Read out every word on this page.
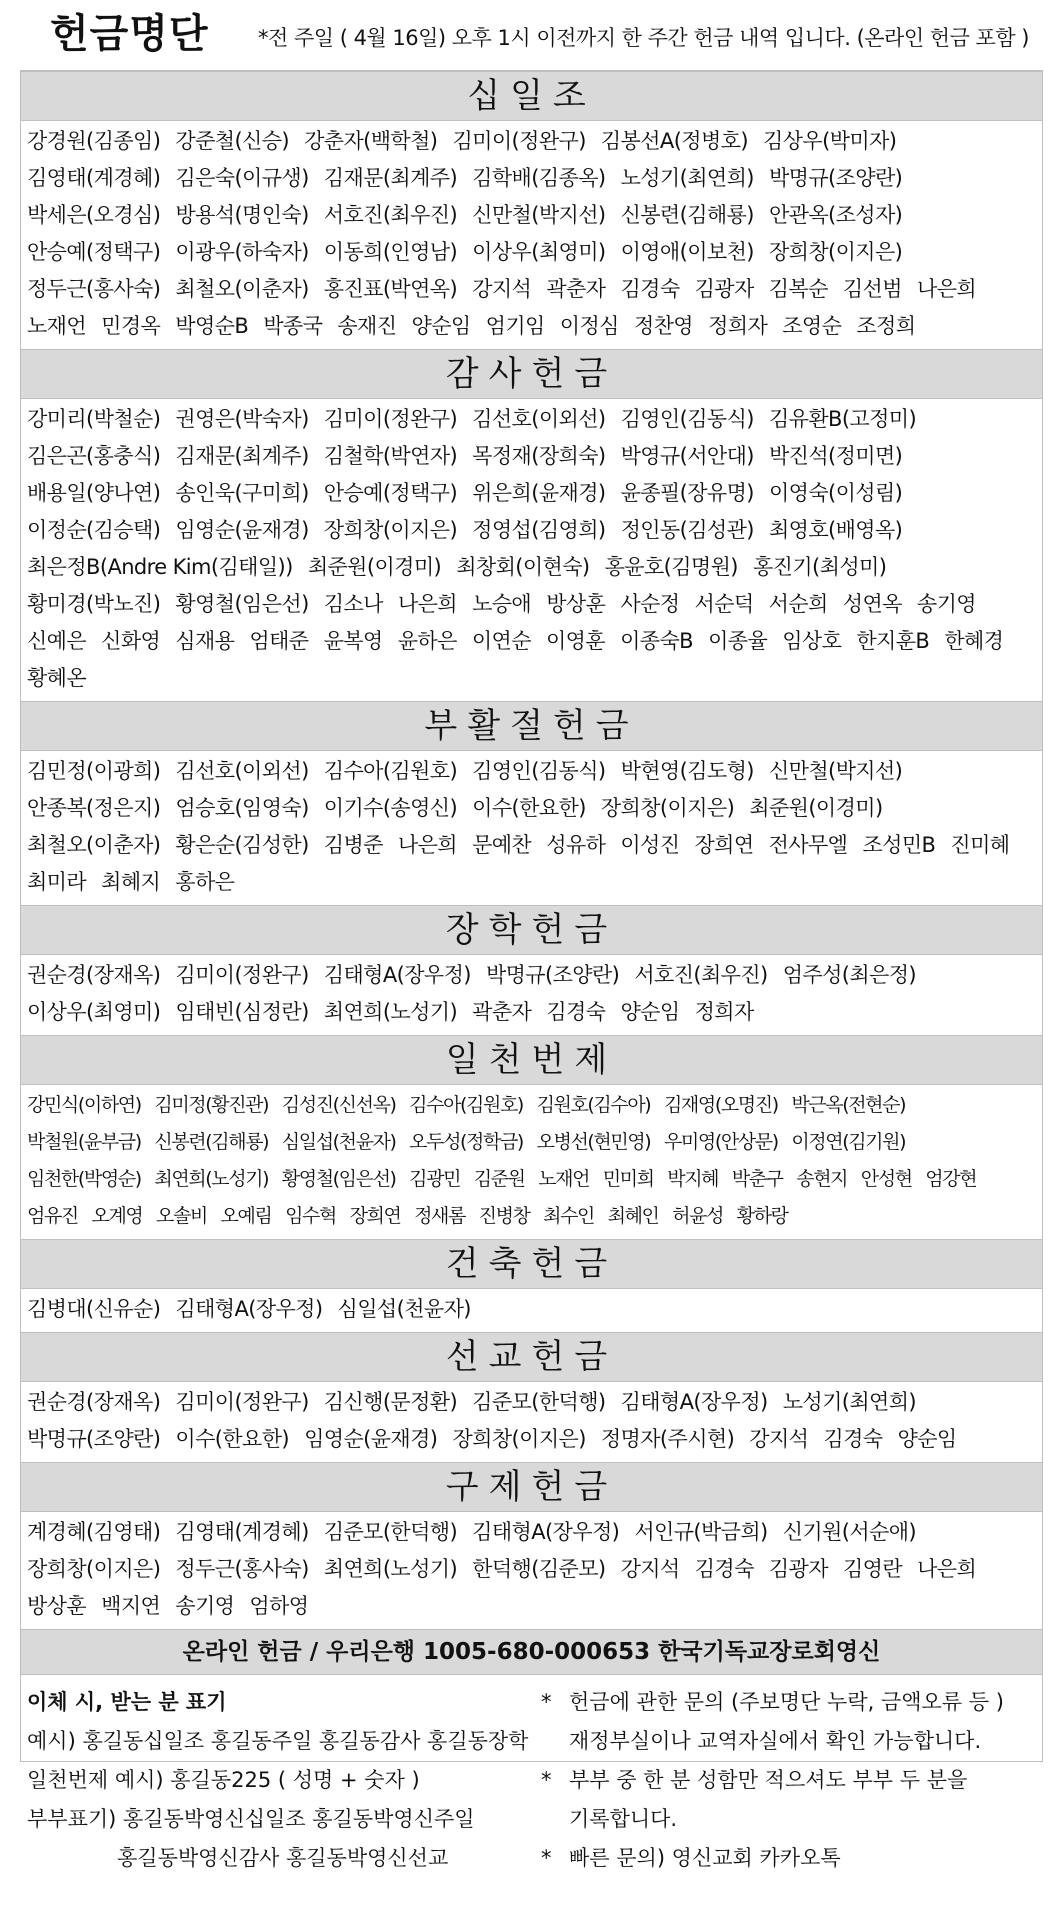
헌금명단 *전 주일 ( 4월 16일) 오후 1시 이전까지 한 주간 헌금 내역 입니다. (온라인 헌금 포함 )
십일조
강경원(김종임) 강준철(신승) 강춘자(백학철) 김미이(정완구) 김봉선A(정병호) 김상우(박미자) 김영태(계경혜) 김은숙(이규생) 김재문(최계주) 김학배(김종옥) 노성기(최연희) 박명규(조양란) 박세은(오경심) 방용석(명인숙) 서호진(최우진) 신만철(박지선) 신봉련(김해룡) 안관옥(조성자) 안승예(정택구) 이광우(하숙자) 이동희(인영남) 이상우(최영미) 이영애(이보천) 장희창(이지은) 정두근(홍사숙) 최철오(이춘자) 홍진표(박연옥) 강지석 곽춘자 김경숙 김광자 김복순 김선범 나은희 노재언 민경옥 박영순B 박종국 송재진 양순임 엄기임 이정심 정찬영 정희자 조영순 조정희
감사헌금
강미리(박철순) 권영은(박숙자) 김미이(정완구) 김선호(이외선) 김영인(김동식) 김유환B(고정미) 김은곤(홍충식) 김재문(최계주) 김철학(박연자) 목정재(장희숙) 박영규(서안대) 박진석(정미면) 배용일(양나연) 송인욱(구미희) 안승예(정택구) 위은희(윤재경) 윤종필(장유명) 이영숙(이성림) 이정순(김승택) 임영순(윤재경) 장희창(이지은) 정영섭(김영희) 정인동(김성관) 최영호(배영옥) 최은정B(Andre Kim(김태일)) 최준원(이경미) 최창회(이현숙) 홍윤호(김명원) 홍진기(최성미) 황미경(박노진) 황영철(임은선) 김소나 나은희 노승애 방상훈 사순정 서순덕 서순희 성연옥 송기영 신예은 신화영 심재용 엄태준 윤복영 윤하은 이연순 이영훈 이종숙B 이종율 임상호 한지훈B 한혜경 황혜온
부활절헌금
김민정(이광희) 김선호(이외선) 김수아(김원호) 김영인(김동식) 박현영(김도형) 신만철(박지선) 안종복(정은지) 엄승호(임영숙) 이기수(송영신) 이수(한요한) 장희창(이지은) 최준원(이경미) 최철오(이춘자) 황은순(김성한) 김병준 나은희 문예찬 성유하 이성진 장희연 전사무엘 조성민B 진미혜 최미라 최혜지 홍하은
장학헌금
권순경(장재옥) 김미이(정완구) 김태형A(장우정) 박명규(조양란) 서호진(최우진) 엄주성(최은정) 이상우(최영미) 임태빈(심정란) 최연희(노성기) 곽춘자 김경숙 양순임 정희자
일천번제
강민식(이하연) 김미정(황진관) 김성진(신선옥) 김수아(김원호) 김원호(김수아) 김재영(오명진) 박근옥(전현순) 박철원(윤부금) 신봉련(김해룡) 심일섭(천윤자) 오두성(정학금) 오병선(현민영) 우미영(안상문) 이정연(김기원) 임천한(박영순) 최연희(노성기) 황영철(임은선) 김광민 김준원 노재언 민미희 박지혜 박춘구 송현지 안성현 엄강현 엄유진 오계영 오솔비 오예림 임수혁 장희연 정새롬 진병창 최수인 최혜인 허윤성 황하랑
건축헌금
김병대(신유순) 김태형A(장우정) 심일섭(천윤자)
선교헌금
권순경(장재옥) 김미이(정완구) 김신행(문정환) 김준모(한덕행) 김태형A(장우정) 노성기(최연희) 박명규(조양란) 이수(한요한) 임영순(윤재경) 장희창(이지은) 정명자(주시현) 강지석 김경숙 양순임
구제헌금
계경혜(김영태) 김영태(계경혜) 김준모(한덕행) 김태형A(장우정) 서인규(박금희) 신기원(서순애) 장희창(이지은) 정두근(홍사숙) 최연희(노성기) 한덕행(김준모) 강지석 김경숙 김광자 김영란 나은희 방상훈 백지연 송기영 엄하영
온라인 헌금 / 우리은행 1005-680-000653 한국기독교장로회영신
이체 시, 받는 분 표기
예시) 홍길동십일조 홍길동주일 홍길동감사 홍길동장학
일천번제 예시) 홍길동225 ( 성명 + 숫자 )
부부표기) 홍길동박영신십일조 홍길동박영신주일
홍길동박영신감사 홍길동박영신선교
* 헌금에 관한 문의 (주보명단 누락, 금액오류 등 )
재정부실이나 교역자실에서 확인 가능합니다.
* 부부 중 한 분 성함만 적으셔도 부부 두 분을
기록합니다.
* 빠른 문의) 영신교회 카카오톡
